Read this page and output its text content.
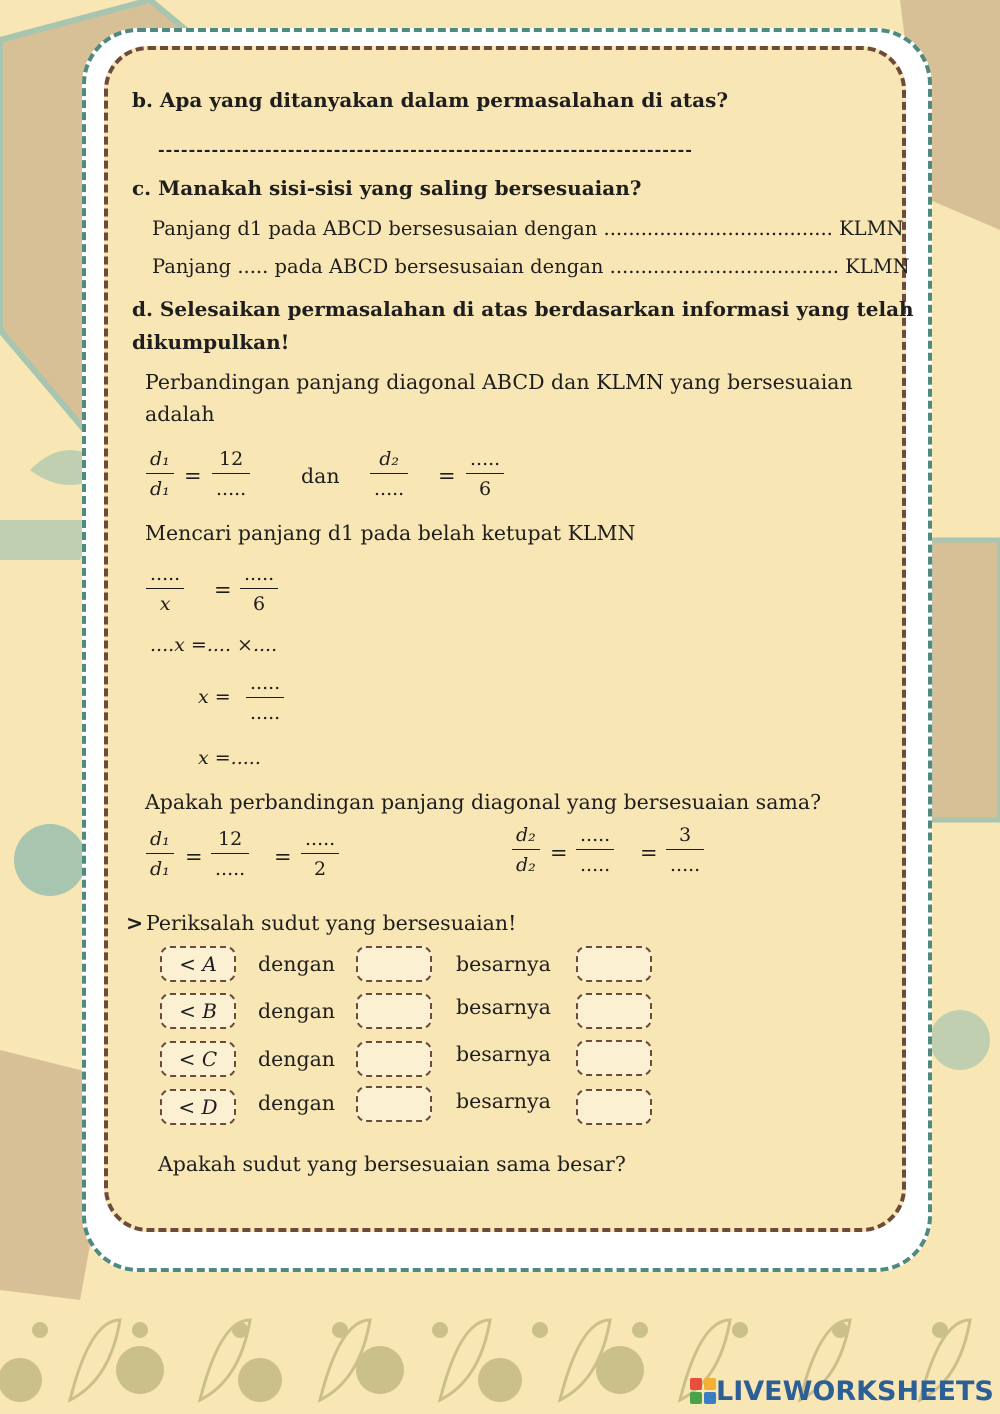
b. Apa yang ditanyakan dalam permasalahan di atas?
----------------------------------------------------------------------
c. Manakah sisi-sisi yang saling bersesuaian?
Panjang d1 pada ABCD bersesusaian dengan ..................................... KLMN
Panjang ..... pada ABCD bersesusaian dengan ..................................... KLMN
d. Selesaikan permasalahan di atas berdasarkan informasi yang telah
dikumpulkan!
Perbandingan panjang diagonal ABCD dan KLMN yang bersesuaian
adalah
d₁
d₁
=
12
.....
dan
d₂
.....
=
.....
6
Mencari panjang d1 pada belah ketupat KLMN
.....
x
=
.....
6
....x =.... ×....
x =
.....
.....
x =.....
Apakah perbandingan panjang diagonal yang bersesuaian sama?
d₁
d₁ =
12
..... =
.....
2
d₂
d₂ =
.....
..... =
3
.....
> Periksalah sudut yang bersesuaian!
< A	dengan	besarnya
< B	dengan	besarnya
< C	dengan	besarnya
< D	dengan	besarnya
Apakah sudut yang bersesuaian sama besar?
LIVEWORKSHEETS
